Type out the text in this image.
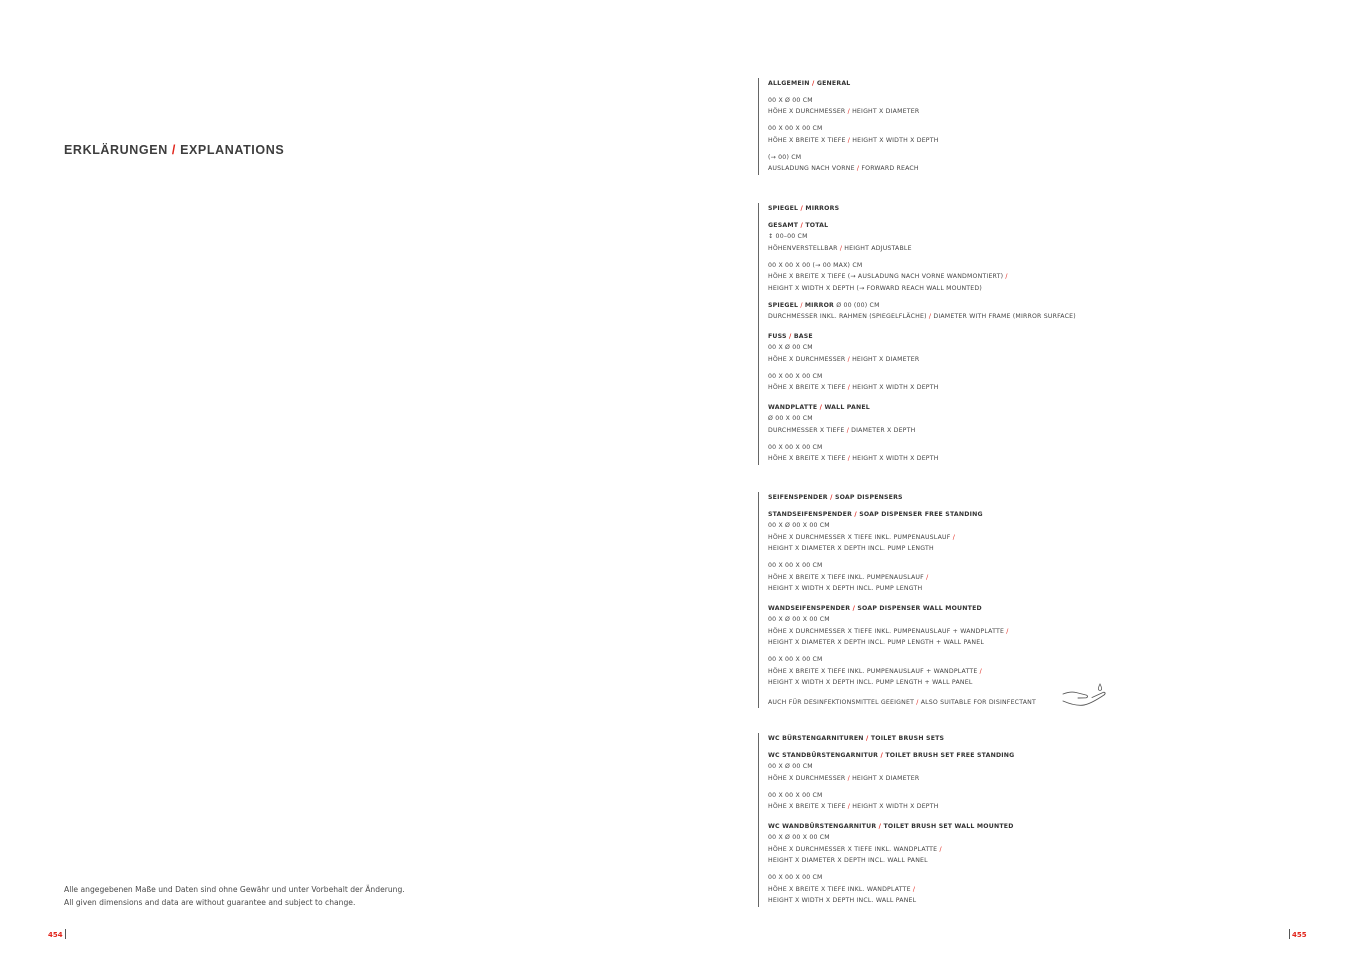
ERKLÄRUNGEN / EXPLANATIONS
Alle angegebenen Maße und Daten sind ohne Gewähr und unter Vorbehalt der Änderung.
All given dimensions and data are without guarantee and subject to change.
454	455
ALLGEMEIN / GENERAL
00 X Ø 00 CM
HÖHE X DURCHMESSER / HEIGHT X DIAMETER
00 X 00 X 00 CM
HÖHE X BREITE X TIEFE / HEIGHT X WIDTH X DEPTH
(→ 00) CM
AUSLADUNG NACH VORNE / FORWARD REACH
SPIEGEL / MIRRORS
GESAMT / TOTAL
↕ 00–00 CM
HÖHENVERSTELLBAR / HEIGHT ADJUSTABLE
00 X 00 X 00 (→ 00 MAX) CM
HÖHE X BREITE X TIEFE (→ AUSLADUNG NACH VORNE WANDMONTIERT) /
HEIGHT X WIDTH X DEPTH (→ FORWARD REACH WALL MOUNTED)
SPIEGEL / MIRROR Ø 00 (00) CM
DURCHMESSER INKL. RAHMEN (SPIEGELFLÄCHE) / DIAMETER WITH FRAME (MIRROR SURFACE)
FUSS / BASE
00 X Ø 00 CM
HÖHE X DURCHMESSER / HEIGHT X DIAMETER
00 X 00 X 00 CM
HÖHE X BREITE X TIEFE / HEIGHT X WIDTH X DEPTH
WANDPLATTE / WALL PANEL
Ø 00 X 00 CM
DURCHMESSER X TIEFE / DIAMETER X DEPTH
00 X 00 X 00 CM
HÖHE X BREITE X TIEFE / HEIGHT X WIDTH X DEPTH
SEIFENSPENDER / SOAP DISPENSERS
STANDSEIFENSPENDER / SOAP DISPENSER FREE STANDING
00 X Ø 00 X 00 CM
HÖHE X DURCHMESSER X TIEFE INKL. PUMPENAUSLAUF /
HEIGHT X DIAMETER X DEPTH INCL. PUMP LENGTH
00 X 00 X 00 CM
HÖHE X BREITE X TIEFE INKL. PUMPENAUSLAUF /
HEIGHT X WIDTH X DEPTH INCL. PUMP LENGTH
WANDSEIFENSPENDER / SOAP DISPENSER WALL MOUNTED
00 X Ø 00 X 00 CM
HÖHE X DURCHMESSER X TIEFE INKL. PUMPENAUSLAUF + WANDPLATTE /
HEIGHT X DIAMETER X DEPTH INCL. PUMP LENGTH + WALL PANEL
00 X 00 X 00 CM
HÖHE X BREITE X TIEFE INKL. PUMPENAUSLAUF + WANDPLATTE /
HEIGHT X WIDTH X DEPTH INCL. PUMP LENGTH + WALL PANEL
AUCH FÜR DESINFEKTIONSMITTEL GEEIGNET / ALSO SUITABLE FOR DISINFECTANT
WC BÜRSTENGARNITUREN / TOILET BRUSH SETS
WC STANDBÜRSTENGARNITUR / TOILET BRUSH SET FREE STANDING
00 X Ø 00 CM
HÖHE X DURCHMESSER / HEIGHT X DIAMETER
00 X 00 X 00 CM
HÖHE X BREITE X TIEFE / HEIGHT X WIDTH X DEPTH
WC WANDBÜRSTENGARNITUR / TOILET BRUSH SET WALL MOUNTED
00 X Ø 00 X 00 CM
HÖHE X DURCHMESSER X TIEFE INKL. WANDPLATTE /
HEIGHT X DIAMETER X DEPTH INCL. WALL PANEL
00 X 00 X 00 CM
HÖHE X BREITE X TIEFE INKL. WANDPLATTE /
HEIGHT X WIDTH X DEPTH INCL. WALL PANEL
